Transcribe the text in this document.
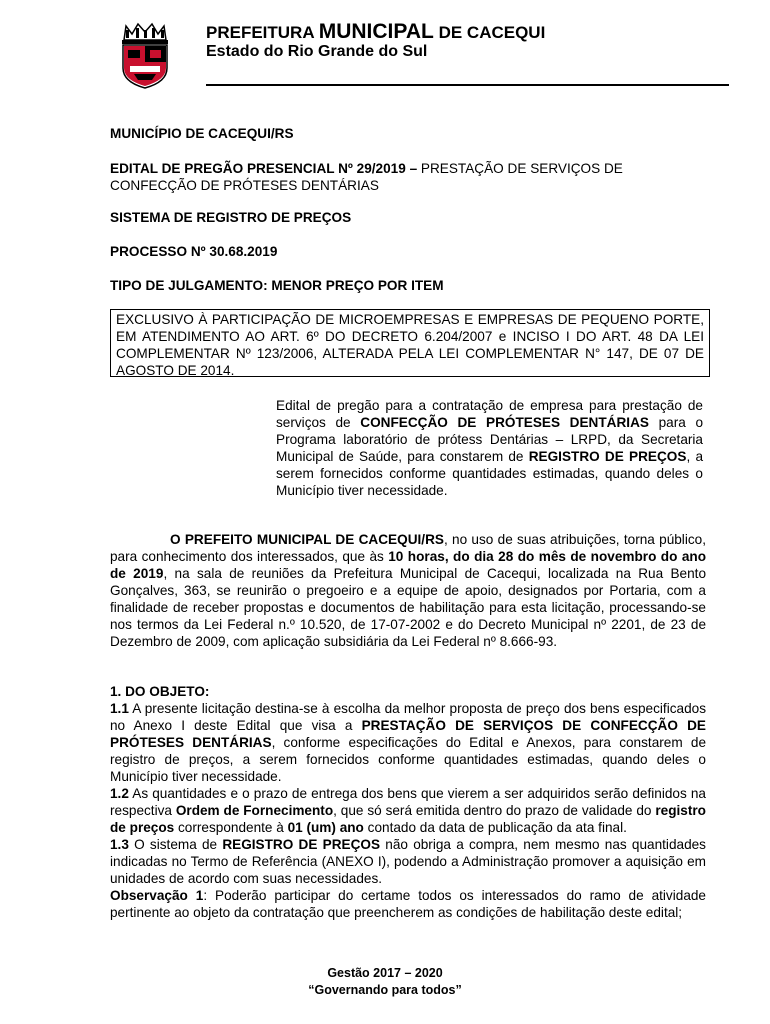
PREFEITURA MUNICIPAL DE CACEQUI
Estado do Rio Grande do Sul
MUNICÍPIO DE CACEQUI/RS
EDITAL DE PREGÃO PRESENCIAL Nº 29/2019 – PRESTAÇÃO DE SERVIÇOS DE CONFECÇÃO DE PRÓTESES DENTÁRIAS
SISTEMA DE REGISTRO DE PREÇOS
PROCESSO Nº 30.68.2019
TIPO DE JULGAMENTO: MENOR PREÇO POR ITEM
EXCLUSIVO À PARTICIPAÇÃO DE MICROEMPRESAS E EMPRESAS DE PEQUENO PORTE, EM ATENDIMENTO AO ART. 6º DO DECRETO 6.204/2007 e INCISO I DO ART. 48 DA LEI COMPLEMENTAR Nº 123/2006, ALTERADA PELA LEI COMPLEMENTAR N° 147, DE 07 DE AGOSTO DE 2014.
Edital de pregão para a contratação de empresa para prestação de serviços de CONFECÇÃO DE PRÓTESES DENTÁRIAS para o Programa laboratório de prótess Dentárias – LRPD, da Secretaria Municipal de Saúde, para constarem de REGISTRO DE PREÇOS, a serem fornecidos conforme quantidades estimadas, quando deles o Município tiver necessidade.
O PREFEITO MUNICIPAL DE CACEQUI/RS, no uso de suas atribuições, torna público, para conhecimento dos interessados, que às 10 horas, do dia 28 do mês de novembro do ano de 2019, na sala de reuniões da Prefeitura Municipal de Cacequi, localizada na Rua Bento Gonçalves, 363, se reunirão o pregoeiro e a equipe de apoio, designados por Portaria, com a finalidade de receber propostas e documentos de habilitação para esta licitação, processando-se nos termos da Lei Federal n.º 10.520, de 17-07-2002 e do Decreto Municipal nº 2201, de 23 de Dezembro de 2009, com aplicação subsidiária da Lei Federal nº 8.666-93.

1. DO OBJETO:

1.1 A presente licitação destina-se à escolha da melhor proposta de preço dos bens especificados no Anexo I deste Edital que visa a PRESTAÇÃO DE SERVIÇOS DE CONFECÇÃO DE PRÓTESES DENTÁRIAS, conforme especificações do Edital e Anexos, para constarem de registro de preços, a serem fornecidos conforme quantidades estimadas, quando deles o Município tiver necessidade.

1.2 As quantidades e o prazo de entrega dos bens que vierem a ser adquiridos serão definidos na respectiva Ordem de Fornecimento, que só será emitida dentro do prazo de validade do registro de preços correspondente à 01 (um) ano contado da data de publicação da ata final.

1.3 O sistema de REGISTRO DE PREÇOS não obriga a compra, nem mesmo nas quantidades indicadas no Termo de Referência (ANEXO I), podendo a Administração promover a aquisição em unidades de acordo com suas necessidades.

Observação 1: Poderão participar do certame todos os interessados do ramo de atividade pertinente ao objeto da contratação que preencherem as condições de habilitação deste edital;

Gestão 2017 – 2020
“Governando para todos”
